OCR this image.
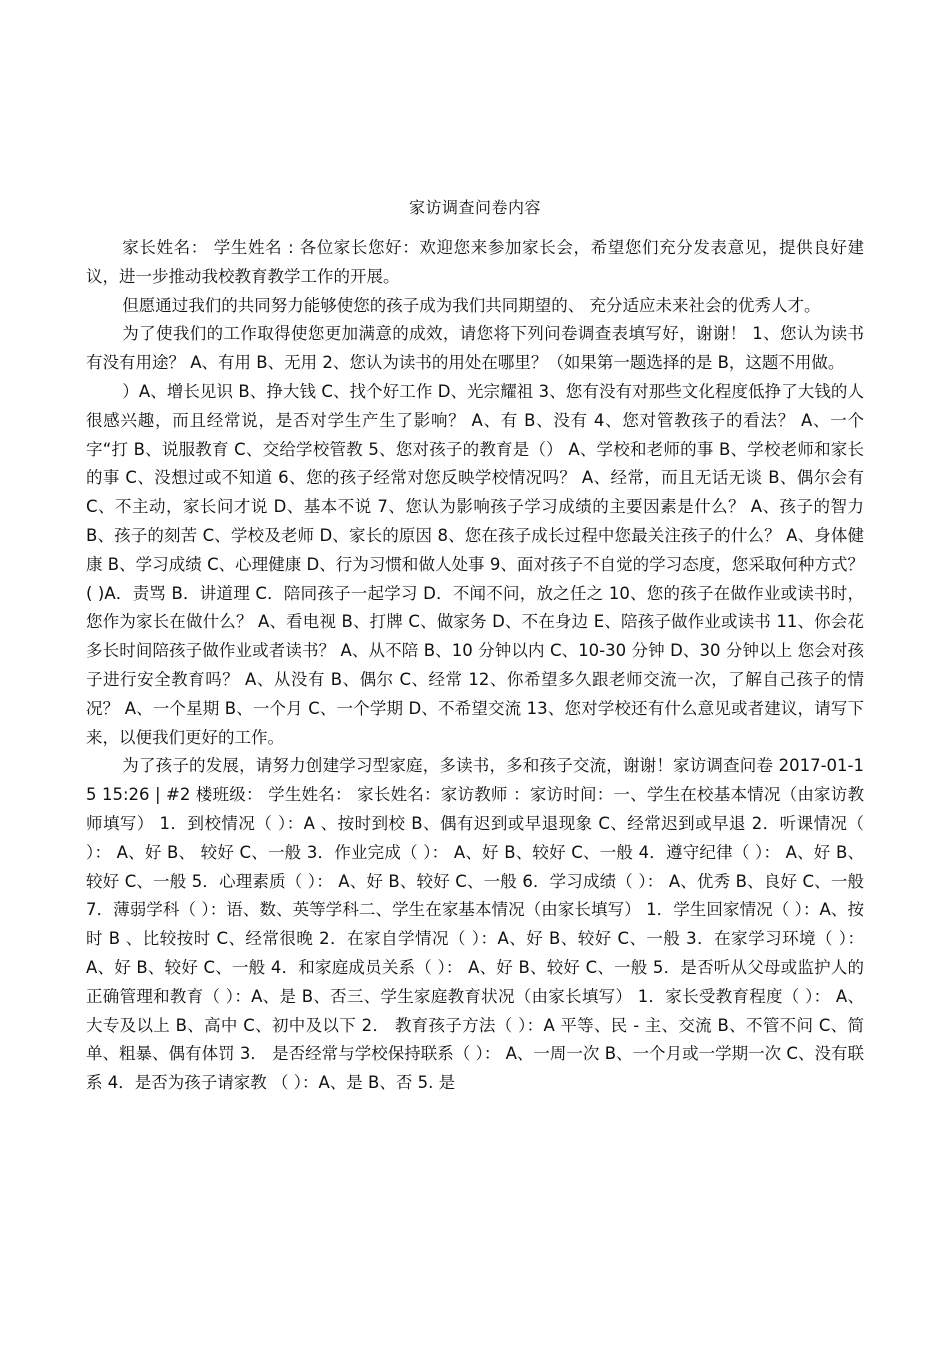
家访调查问卷内容

家长姓名： 学生姓名 : 各位家长您好：欢迎您来参加家长会，希望您们充分发表意见，提供良好建议，进一步推动我校教育教学工作的开展。

但愿通过我们的共同努力能够使您的孩子成为我们共同期望的、 充分适应未来社会的优秀人才。

为了使我们的工作取得使您更加满意的成效，请您将下列问卷调查表填写好，谢谢！ 1、您认为读书有没有用途？ A、有用 B、无用 2、您认为读书的用处在哪里？（如果第一题选择的是 B，这题不用做。

）A、增长见识 B、挣大钱 C、找个好工作 D、光宗耀祖 3、您有没有对那些文化程度低挣了大钱的人很感兴趣，而且经常说，是否对学生产生了影响？ A、有 B、没有 4、您对管教孩子的看法？ A、一个字“打 B、说服教育 C、交给学校管教 5、您对孩子的教育是（） A、学校和老师的事 B、学校老师和家长的事 C、没想过或不知道 6、您的孩子经常对您反映学校情况吗？ A、经常，而且无话无谈 B、偶尔会有 C、不主动，家长问才说 D、基本不说 7、您认为影响孩子学习成绩的主要因素是什么？ A、孩子的智力 B、孩子的刻苦 C、学校及老师 D、家长的原因 8、您在孩子成长过程中您最关注孩子的什么？ A、身体健康 B、学习成绩 C、心理健康 D、行为习惯和做人处事 9、面对孩子不自觉的学习态度，您采取何种方式？ ( )A．责骂 B．讲道理 C．陪同孩子一起学习 D．不闻不问，放之任之 10、您的孩子在做作业或读书时，您作为家长在做什么？ A、看电视 B、打牌 C、做家务 D、不在身边 E、陪孩子做作业或读书 11、你会花多长时间陪孩子做作业或者读书？ A、从不陪 B、10 分钟以内 C、10-30 分钟 D、30 分钟以上 您会对孩子进行安全教育吗？ A、从没有 B、偶尔 C、经常 12、你希望多久跟老师交流一次，了解自己孩子的情况？ A、一个星期 B、一个月 C、一个学期 D、不希望交流 13、您对学校还有什么意见或者建议，请写下来，以便我们更好的工作。

为了孩子的发展，请努力创建学习型家庭，多读书，多和孩子交流，谢谢！家访调查问卷 2017-01-15 15:26 | #2 楼班级： 学生姓名： 家长姓名：家访教师 ：家访时间：一、学生在校基本情况（由家访教师填写） 1．到校情况（ ）：A 、按时到校 B、偶有迟到或早退现象 C、经常迟到或早退 2．听课情况（ ）： A、好 B、 较好 C、一般 3．作业完成（ ）： A、好 B、较好 C、一般 4．遵守纪律（ ）： A、好 B、较好 C、一般 5．心理素质（ ）： A、好 B、较好 C、一般 6．学习成绩（ ）： A、优秀 B、良好 C、一般 7．薄弱学科（ ）：语、数、英等学科二、学生在家基本情况（由家长填写） 1．学生回家情况（ ）：A、按时 B 、比较按时 C、经常很晚 2．在家自学情况（ ）：A、好 B、较好 C、一般 3．在家学习环境（ ）：A、好 B、较好 C、一般 4．和家庭成员关系（ ）： A、好 B、较好 C、一般 5．是否听从父母或监护人的正确管理和教育（ ）：A、是 B、否三、学生家庭教育状况（由家长填写） 1．家长受教育程度（ ）： A、大专及以上 B、高中 C、初中及以下 2． 教育孩子方法（ ）：A 平等、民 - 主、交流 B、不管不问 C、简单、粗暴、偶有体罚 3． 是否经常与学校保持联系（ ）： A、一周一次 B、一个月或一学期一次 C、没有联系 4．是否为孩子请家教 （ ）：A、是 B、否 5. 是
